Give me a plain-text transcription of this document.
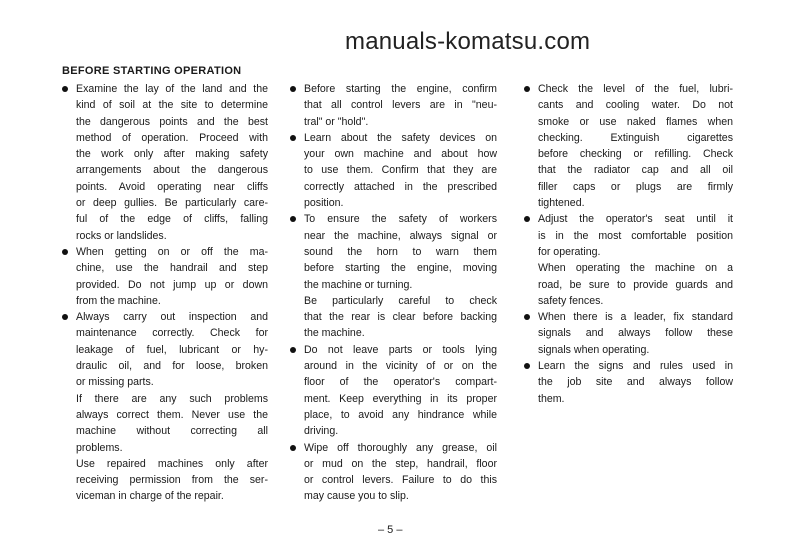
BEFORE STARTING OPERATION
Examine the lay of the land and the
kind of soil at the site to determine
the dangerous points and the best
method of operation. Proceed with
the work only after making safety
arrangements about the dangerous
points. Avoid operating near cliffs
or deep gullies. Be particularly care-
ful of the edge of cliffs, falling
rocks or landslides.
When getting on or off the ma-
chine, use the handrail and step
provided. Do not jump up or down
from the machine.
Always carry out inspection and
maintenance correctly. Check for
leakage of fuel, lubricant or hy-
draulic oil, and for loose, broken
or missing parts.
If there are any such problems
always correct them. Never use the
machine without correcting all
problems.
Use repaired machines only after
receiving permission from the ser-
viceman in charge of the repair.
Before starting the engine, confirm
that all control levers are in "neu-
tral" or "hold".
Learn about the safety devices on
your own machine and about how
to use them. Confirm that they are
correctly attached in the prescribed
position.
To ensure the safety of workers
near the machine, always signal or
sound the horn to warn them
before starting the engine, moving
the machine or turning.
Be particularly careful to check
that the rear is clear before backing
the machine.
Do not leave parts or tools lying
around in the vicinity of or on the
floor of the operator's compart-
ment. Keep everything in its proper
place, to avoid any hindrance while
driving.
Wipe off thoroughly any grease, oil
or mud on the step, handrail, floor
or control levers. Failure to do this
may cause you to slip.
Check the level of the fuel, lubri-
cants and cooling water. Do not
smoke or use naked flames when
checking. Extinguish cigarettes
before checking or refilling. Check
that the radiator cap and all oil
filler caps or plugs are firmly
tightened.
Adjust the operator's seat until it
is in the most comfortable position
for operating.
When operating the machine on a
road, be sure to provide guards and
safety fences.
When there is a leader, fix standard
signals and always follow these
signals when operating.
Learn the signs and rules used in
the job site and always follow
them.
manuals-komatsu.com
– 5 –
